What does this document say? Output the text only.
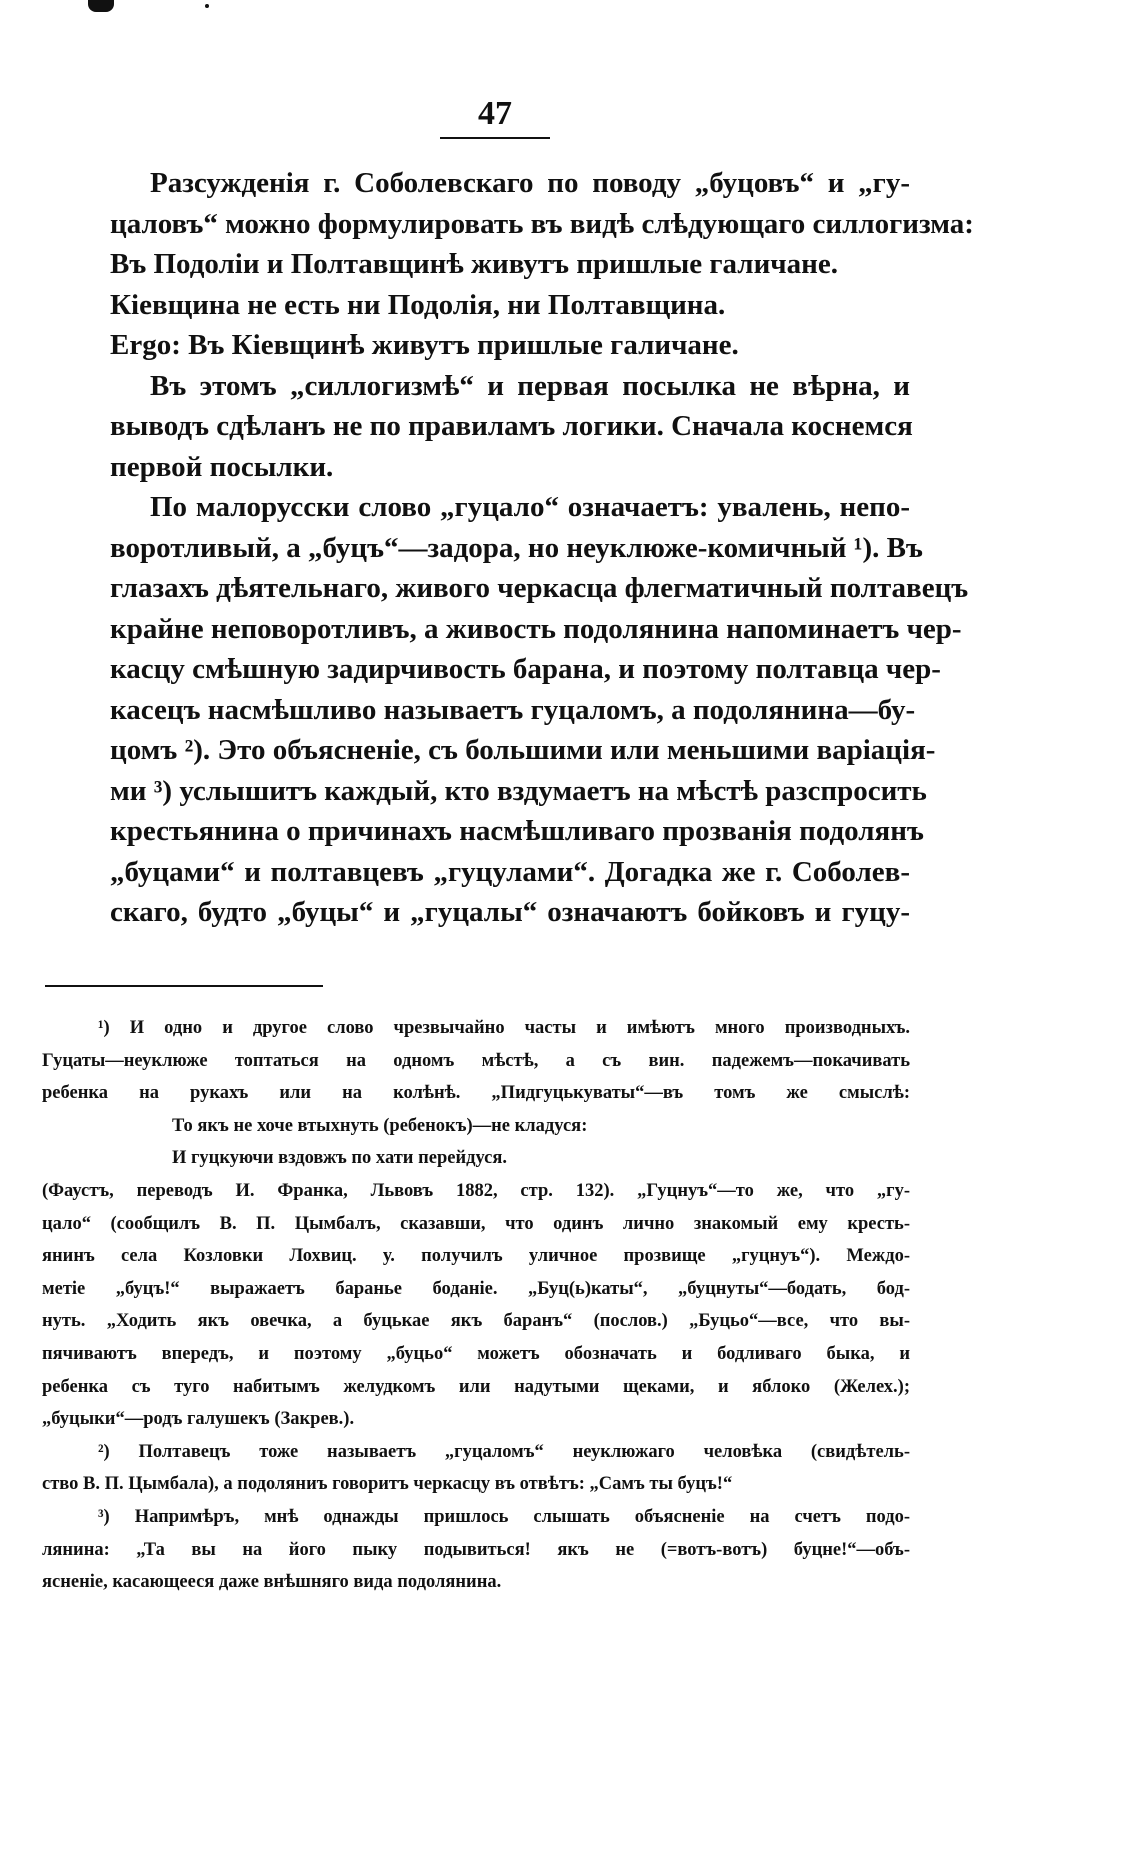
47
Разсужденія г. Соболевскаго по поводу „буцовъ“ и „гу-
цаловъ“ можно формулировать въ видѣ слѣдующаго силлогизма:
Въ Подоліи и Полтавщинѣ живутъ пришлые галичане.
Кіевщина не есть ни Подолія, ни Полтавщина.
Ergo: Въ Кіевщинѣ живутъ пришлые галичане.
Въ этомъ „силлогизмѣ“ и первая посылка не вѣрна, и
выводъ сдѣланъ не по правиламъ логики. Сначала коснемся
первой посылки.
По малорусски слово „гуцало“ означаетъ: увалень, непо-
воротливый, а „буцъ“—задора, но неуклюже-комичный ¹). Въ
глазахъ дѣятельнаго, живого черкасца флегматичный полтавецъ
крайне неповоротливъ, а живость подолянина напоминаетъ чер-
касцу смѣшную задирчивость барана, и поэтому полтавца чер-
касецъ насмѣшливо называетъ гуцаломъ, а подолянина—бу-
цомъ ²). Это объясненіе, съ большими или меньшими варіація-
ми ³) услышитъ каждый, кто вздумаетъ на мѣстѣ разспросить
крестьянина о причинахъ насмѣшливаго прозванія подолянъ
„буцами“ и полтавцевъ „гуцулами“. Догадка же г. Соболев-
скаго, будто „буцы“ и „гуцалы“ означаютъ бойковъ и гуцу-
¹) И одно и другое слово чрезвычайно часты и имѣютъ много производныхъ.
Гуцаты—неуклюже топтаться на одномъ мѣстѣ, а съ вин. падежемъ—покачивать
ребенка на рукахъ или на колѣнѣ. „Пидгуцькуваты“—въ томъ же смыслѣ:
То якъ не хоче втыхнуть (ребенокъ)—не кладуся:
И гуцкуючи вздовжъ по хати перейдуся.
(Фаустъ, переводъ И. Франка, Львовъ 1882, стр. 132). „Гуцнуъ“—то же, что „гу-
цало“ (сообщилъ В. П. Цымбалъ, сказавши, что одинъ лично знакомый ему кресть-
янинъ села Козловки Лохвиц. у. получилъ уличное прозвище „гуцнуъ“). Междо-
метіе „буцъ!“ выражаетъ баранье боданіе. „Буц(ь)каты“, „буцнуты“—бодать, бод-
нуть. „Ходить якъ овечка, а буцькае якъ баранъ“ (послов.) „Буцьо“—все, что вы-
пячиваютъ впередъ, и поэтому „буцьо“ можетъ обозначать и бодливаго быка, и
ребенка съ туго набитымъ желудкомъ или надутыми щеками, и яблоко (Желех.);
„буцыки“—родъ галушекъ (Закрев.).
²) Полтавецъ тоже называетъ „гуцаломъ“ неуклюжаго человѣка (свидѣтель-
ство В. П. Цымбала), а подоляниъ говоритъ черкасцу въ отвѣтъ: „Самъ ты буцъ!“
³) Напримѣръ, мнѣ однажды пришлось слышать объясненіе на счетъ подо-
лянина: „Та вы на його пыку подывиться! якъ не (=вотъ-вотъ) буцне!“—объ-
ясненіе, касающееся даже внѣшняго вида подолянина.
